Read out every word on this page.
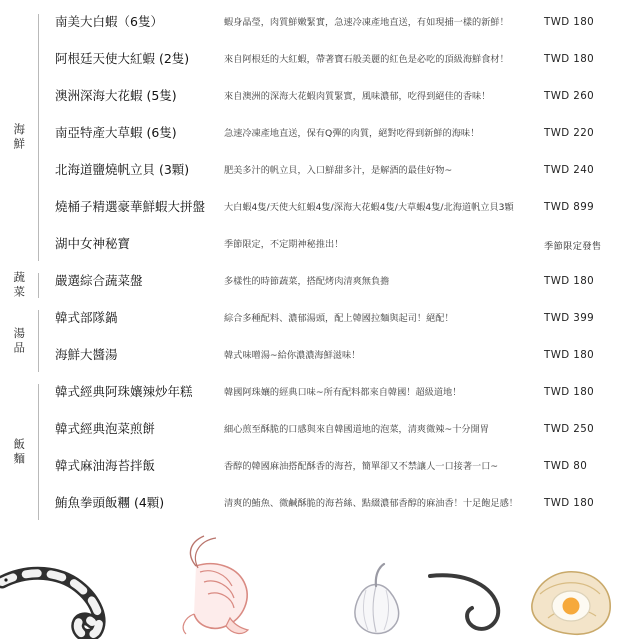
海鮮
南美大白蝦（6隻）	蝦身晶瑩，肉質鮮嫩緊實，急速冷凍產地直送，有如現捕一樣的新鮮！	TWD 180
阿根廷天使大紅蝦 (2隻)	來自阿根廷的大紅蝦，帶著寶石般美麗的紅色是必吃的頂級海鮮食材！	TWD 180
澳洲深海大花蝦 (5隻)	來自澳洲的深海大花蝦肉質緊實，風味濃郁，吃得到絕佳的香味！	TWD 260
南亞特產大草蝦 (6隻)	急速冷凍產地直送，保有Q彈的肉質，絕對吃得到新鮮的海味！	TWD 220
北海道鹽燒帆立貝 (3顆)	肥美多汁的帆立貝，入口鮮甜多汁，是解酒的最佳好物~	TWD 240
燒桶子精選豪華鮮蝦大拼盤	大白蝦4隻/天使大紅蝦4隻/深海大花蝦4隻/大草蝦4隻/北海道帆立貝3顆	TWD 899
湖中女神秘寶	季節限定，不定期神秘推出！	季節限定發售
蔬菜	嚴選綜合蔬菜盤	多樣性的時節蔬菜，搭配烤肉清爽無負擔	TWD 180
湯品
韓式部隊鍋	綜合多種配料、濃郁湯頭，配上韓國拉麵與起司！絕配！	TWD 399
海鮮大醬湯	韓式味噌湯~給你濃濃海鮮滋味！	TWD 180
飯麵
韓式經典阿珠孃辣炒年糕	韓國阿珠孃的經典口味~所有配料都來自韓國！超級道地！	TWD 180
韓式經典泡菜煎餅	細心煎至酥脆的口感與來自韓國道地的泡菜，清爽微辣~十分開胃	TWD 250
韓式麻油海苔拌飯	香醇的韓國麻油搭配酥香的海苔，簡單卻又不禁讓人一口接著一口~	TWD 80
鮪魚拳頭飯糰 (4顆)	清爽的鮪魚、微鹹酥脆的海苔絲、點綴濃郁香醇的麻油香！十足飽足感！	TWD 180
